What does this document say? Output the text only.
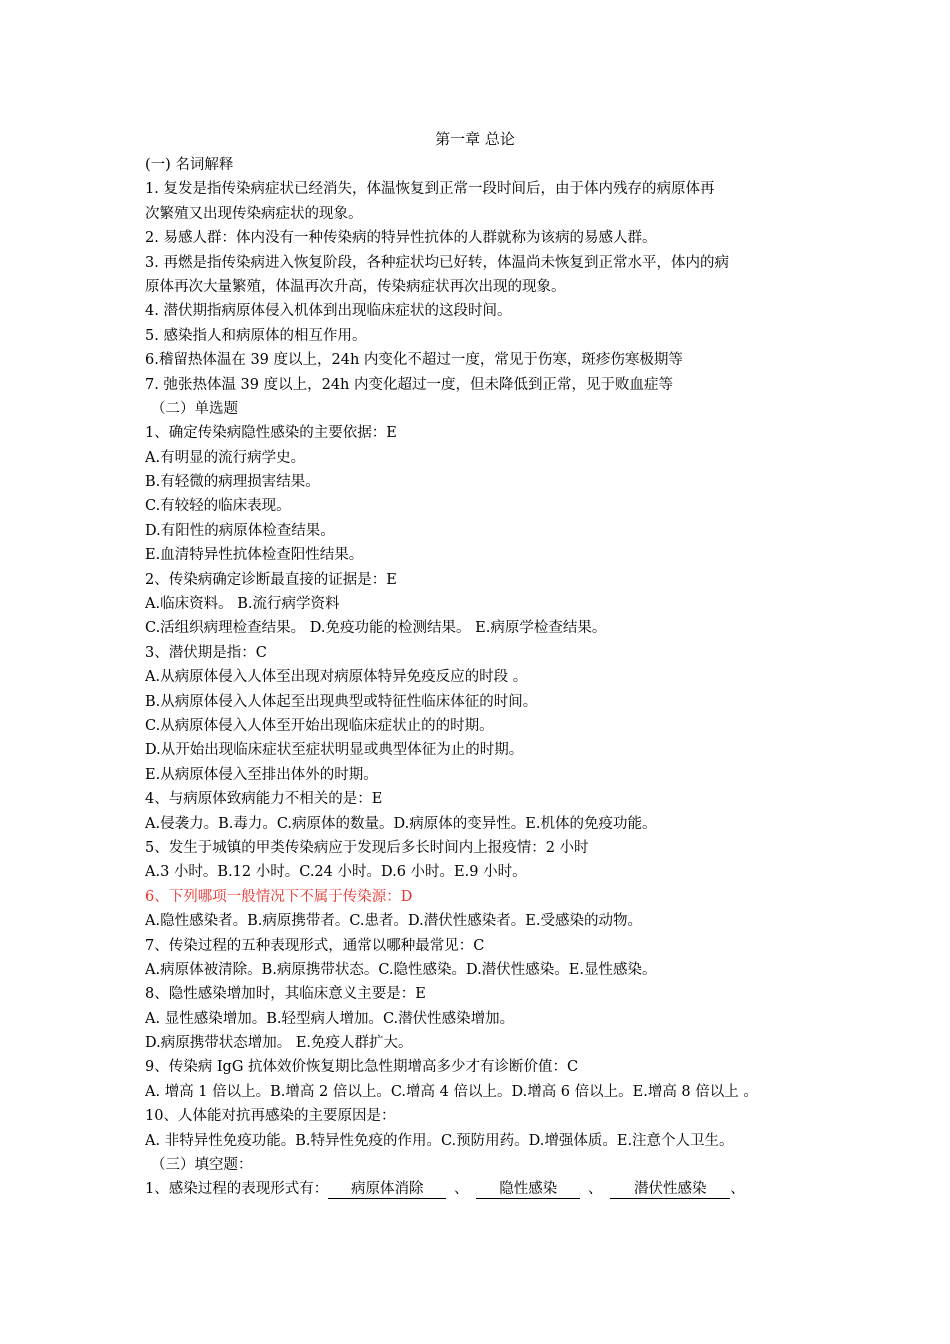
第一章 总论
(一) 名词解释
1. 复发是指传染病症状已经消失，体温恢复到正常一段时间后，由于体内残存的病原体再
次繁殖又出现传染病症状的现象。
2. 易感人群：体内没有一种传染病的特异性抗体的人群就称为该病的易感人群。
3. 再燃是指传染病进入恢复阶段，各种症状均已好转，体温尚未恢复到正常水平，体内的病
原体再次大量繁殖，体温再次升高，传染病症状再次出现的现象。
4. 潜伏期指病原体侵入机体到出现临床症状的这段时间。
5. 感染指人和病原体的相互作用。
6.稽留热体温在 39 度以上，24h 内变化不超过一度，常见于伤寒，斑疹伤寒极期等
7. 弛张热体温 39 度以上，24h 内变化超过一度，但未降低到正常，见于败血症等
（二）单选题
1、确定传染病隐性感染的主要依据：E
A.有明显的流行病学史。
B.有轻微的病理损害结果。
C.有较轻的临床表现。
D.有阳性的病原体检查结果。
E.血清特异性抗体检查阳性结果。
2、传染病确定诊断最直接的证据是：E
A.临床资料。 B.流行病学资料
C.活组织病理检查结果。 D.免疫功能的检测结果。 E.病原学检查结果。
3、潜伏期是指：C
A.从病原体侵入人体至出现对病原体特异免疫反应的时段 。
B.从病原体侵入人体起至出现典型或特征性临床体征的时间。
C.从病原体侵入人体至开始出现临床症状止的的时期。
D.从开始出现临床症状至症状明显或典型体征为止的时期。
E.从病原体侵入至排出体外的时期。
4、与病原体致病能力不相关的是：E
A.侵袭力。B.毒力。C.病原体的数量。D.病原体的变异性。E.机体的免疫功能。
5、发生于城镇的甲类传染病应于发现后多长时间内上报疫情：2 小时
A.3 小时。B.12 小时。C.24 小时。D.6 小时。E.9 小时。
6、下列哪项一般情况下不属于传染源：D
A.隐性感染者。B.病原携带者。C.患者。D.潜伏性感染者。E.受感染的动物。
7、传染过程的五种表现形式，通常以哪种最常见：C
A.病原体被清除。B.病原携带状态。C.隐性感染。D.潜伏性感染。E.显性感染。
8、隐性感染增加时，其临床意义主要是：E
A. 显性感染增加。B.轻型病人增加。C.潜伏性感染增加。
D.病原携带状态增加。 E.免疫人群扩大。
9、传染病 IgG 抗体效价恢复期比急性期增高多少才有诊断价值：C
A. 增高 1 倍以上。B.增高 2 倍以上。C.增高 4 倍以上。D.增高 6 倍以上。E.增高 8 倍以上 。
10、人体能对抗再感染的主要原因是：
A. 非特异性免疫功能。B.特异性免疫的作用。C.预防用药。D.增强体质。E.注意个人卫生。
（三）填空题：
1、感染过程的表现形式有： 病原体消除 、 隐性感染 、 潜伏性感染 、
